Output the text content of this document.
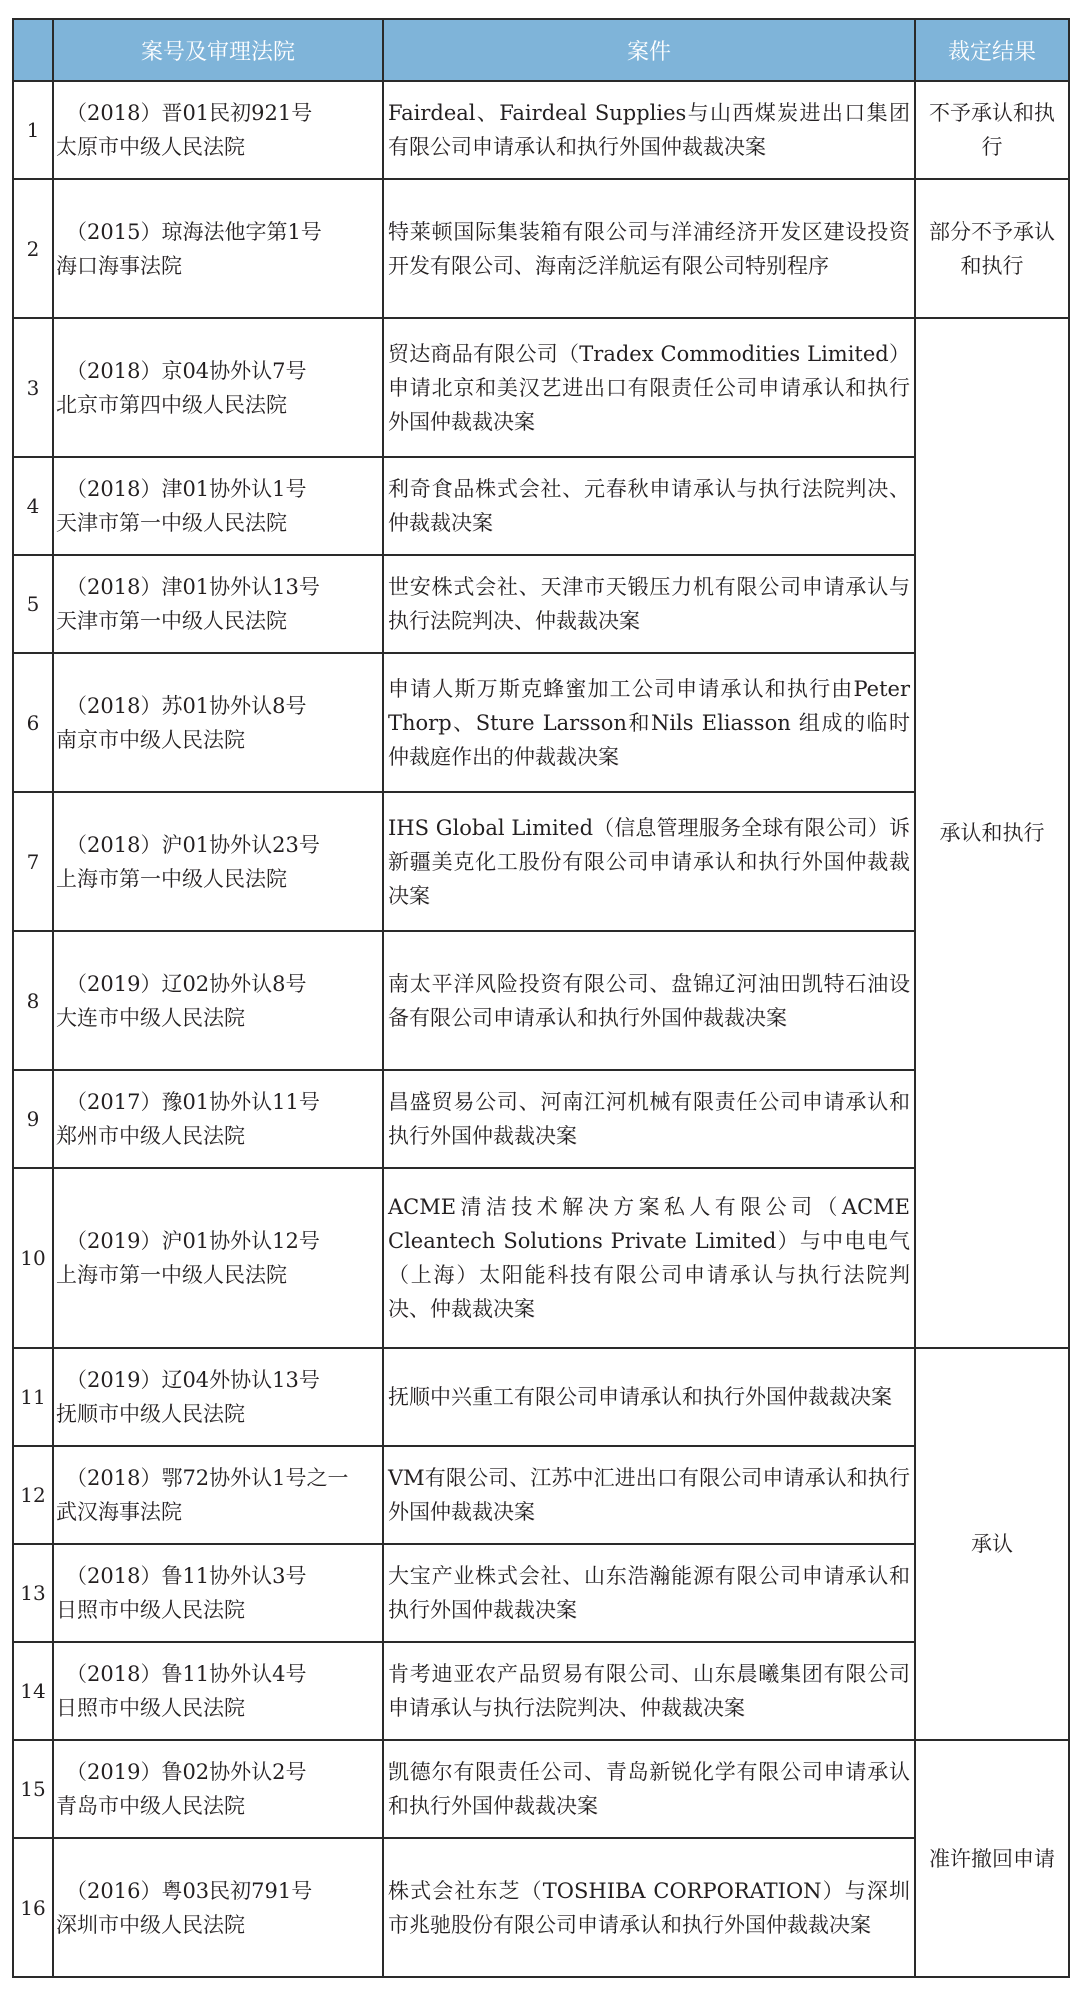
	案号及审理法院	案件	裁定结果
1	（2018）晋01民初921号
太原市中级人民法院	Fairdeal、Fairdeal Supplies与山西煤炭进出口集团有限公司申请承认和执行外国仲裁裁决案	不予承认和执行
2	（2015）琼海法他字第1号
海口海事法院	特莱顿国际集装箱有限公司与洋浦经济开发区建设投资开发有限公司、海南泛洋航运有限公司特别程序	部分不予承认和执行
3	（2018）京04协外认7号
北京市第四中级人民法院	贸达商品有限公司（Tradex Commodities Limited）申请北京和美汉艺进出口有限责任公司申请承认和执行外国仲裁裁决案	承认和执行
4	（2018）津01协外认1号
天津市第一中级人民法院	利奇食品株式会社、元春秋申请承认与执行法院判决、仲裁裁决案	
5	（2018）津01协外认13号
天津市第一中级人民法院	世安株式会社、天津市天锻压力机有限公司申请承认与执行法院判决、仲裁裁决案	
6	（2018）苏01协外认8号
南京市中级人民法院	申请人斯万斯克蜂蜜加工公司申请承认和执行由Peter Thorp、Sture Larsson和Nils Eliasson 组成的临时仲裁庭作出的仲裁裁决案	
7	（2018）沪01协外认23号
上海市第一中级人民法院	IHS Global Limited（信息管理服务全球有限公司）诉新疆美克化工股份有限公司申请承认和执行外国仲裁裁决案	
8	（2019）辽02协外认8号
大连市中级人民法院	南太平洋风险投资有限公司、盘锦辽河油田凯特石油设备有限公司申请承认和执行外国仲裁裁决案	
9	（2017）豫01协外认11号
郑州市中级人民法院	昌盛贸易公司、河南江河机械有限责任公司申请承认和执行外国仲裁裁决案	
10	（2019）沪01协外认12号
上海市第一中级人民法院	ACME清洁技术解决方案私人有限公司（ACME Cleantech Solutions Private Limited）与中电电气（上海）太阳能科技有限公司申请承认与执行法院判决、仲裁裁决案	
11	（2019）辽04外协认13号
抚顺市中级人民法院	抚顺中兴重工有限公司申请承认和执行外国仲裁裁决案	承认
12	（2018）鄂72协外认1号之一
武汉海事法院	VM有限公司、江苏中汇进出口有限公司申请承认和执行外国仲裁裁决案	
13	（2018）鲁11协外认3号
日照市中级人民法院	大宝产业株式会社、山东浩瀚能源有限公司申请承认和执行外国仲裁裁决案	
14	（2018）鲁11协外认4号
日照市中级人民法院	肯考迪亚农产品贸易有限公司、山东晨曦集团有限公司申请承认与执行法院判决、仲裁裁决案	
15	（2019）鲁02协外认2号
青岛市中级人民法院	凯德尔有限责任公司、青岛新锐化学有限公司申请承认和执行外国仲裁裁决案	准许撤回申请
16	（2016）粤03民初791号
深圳市中级人民法院	株式会社东芝（TOSHIBA CORPORATION）与深圳市兆驰股份有限公司申请承认和执行外国仲裁裁决案	
